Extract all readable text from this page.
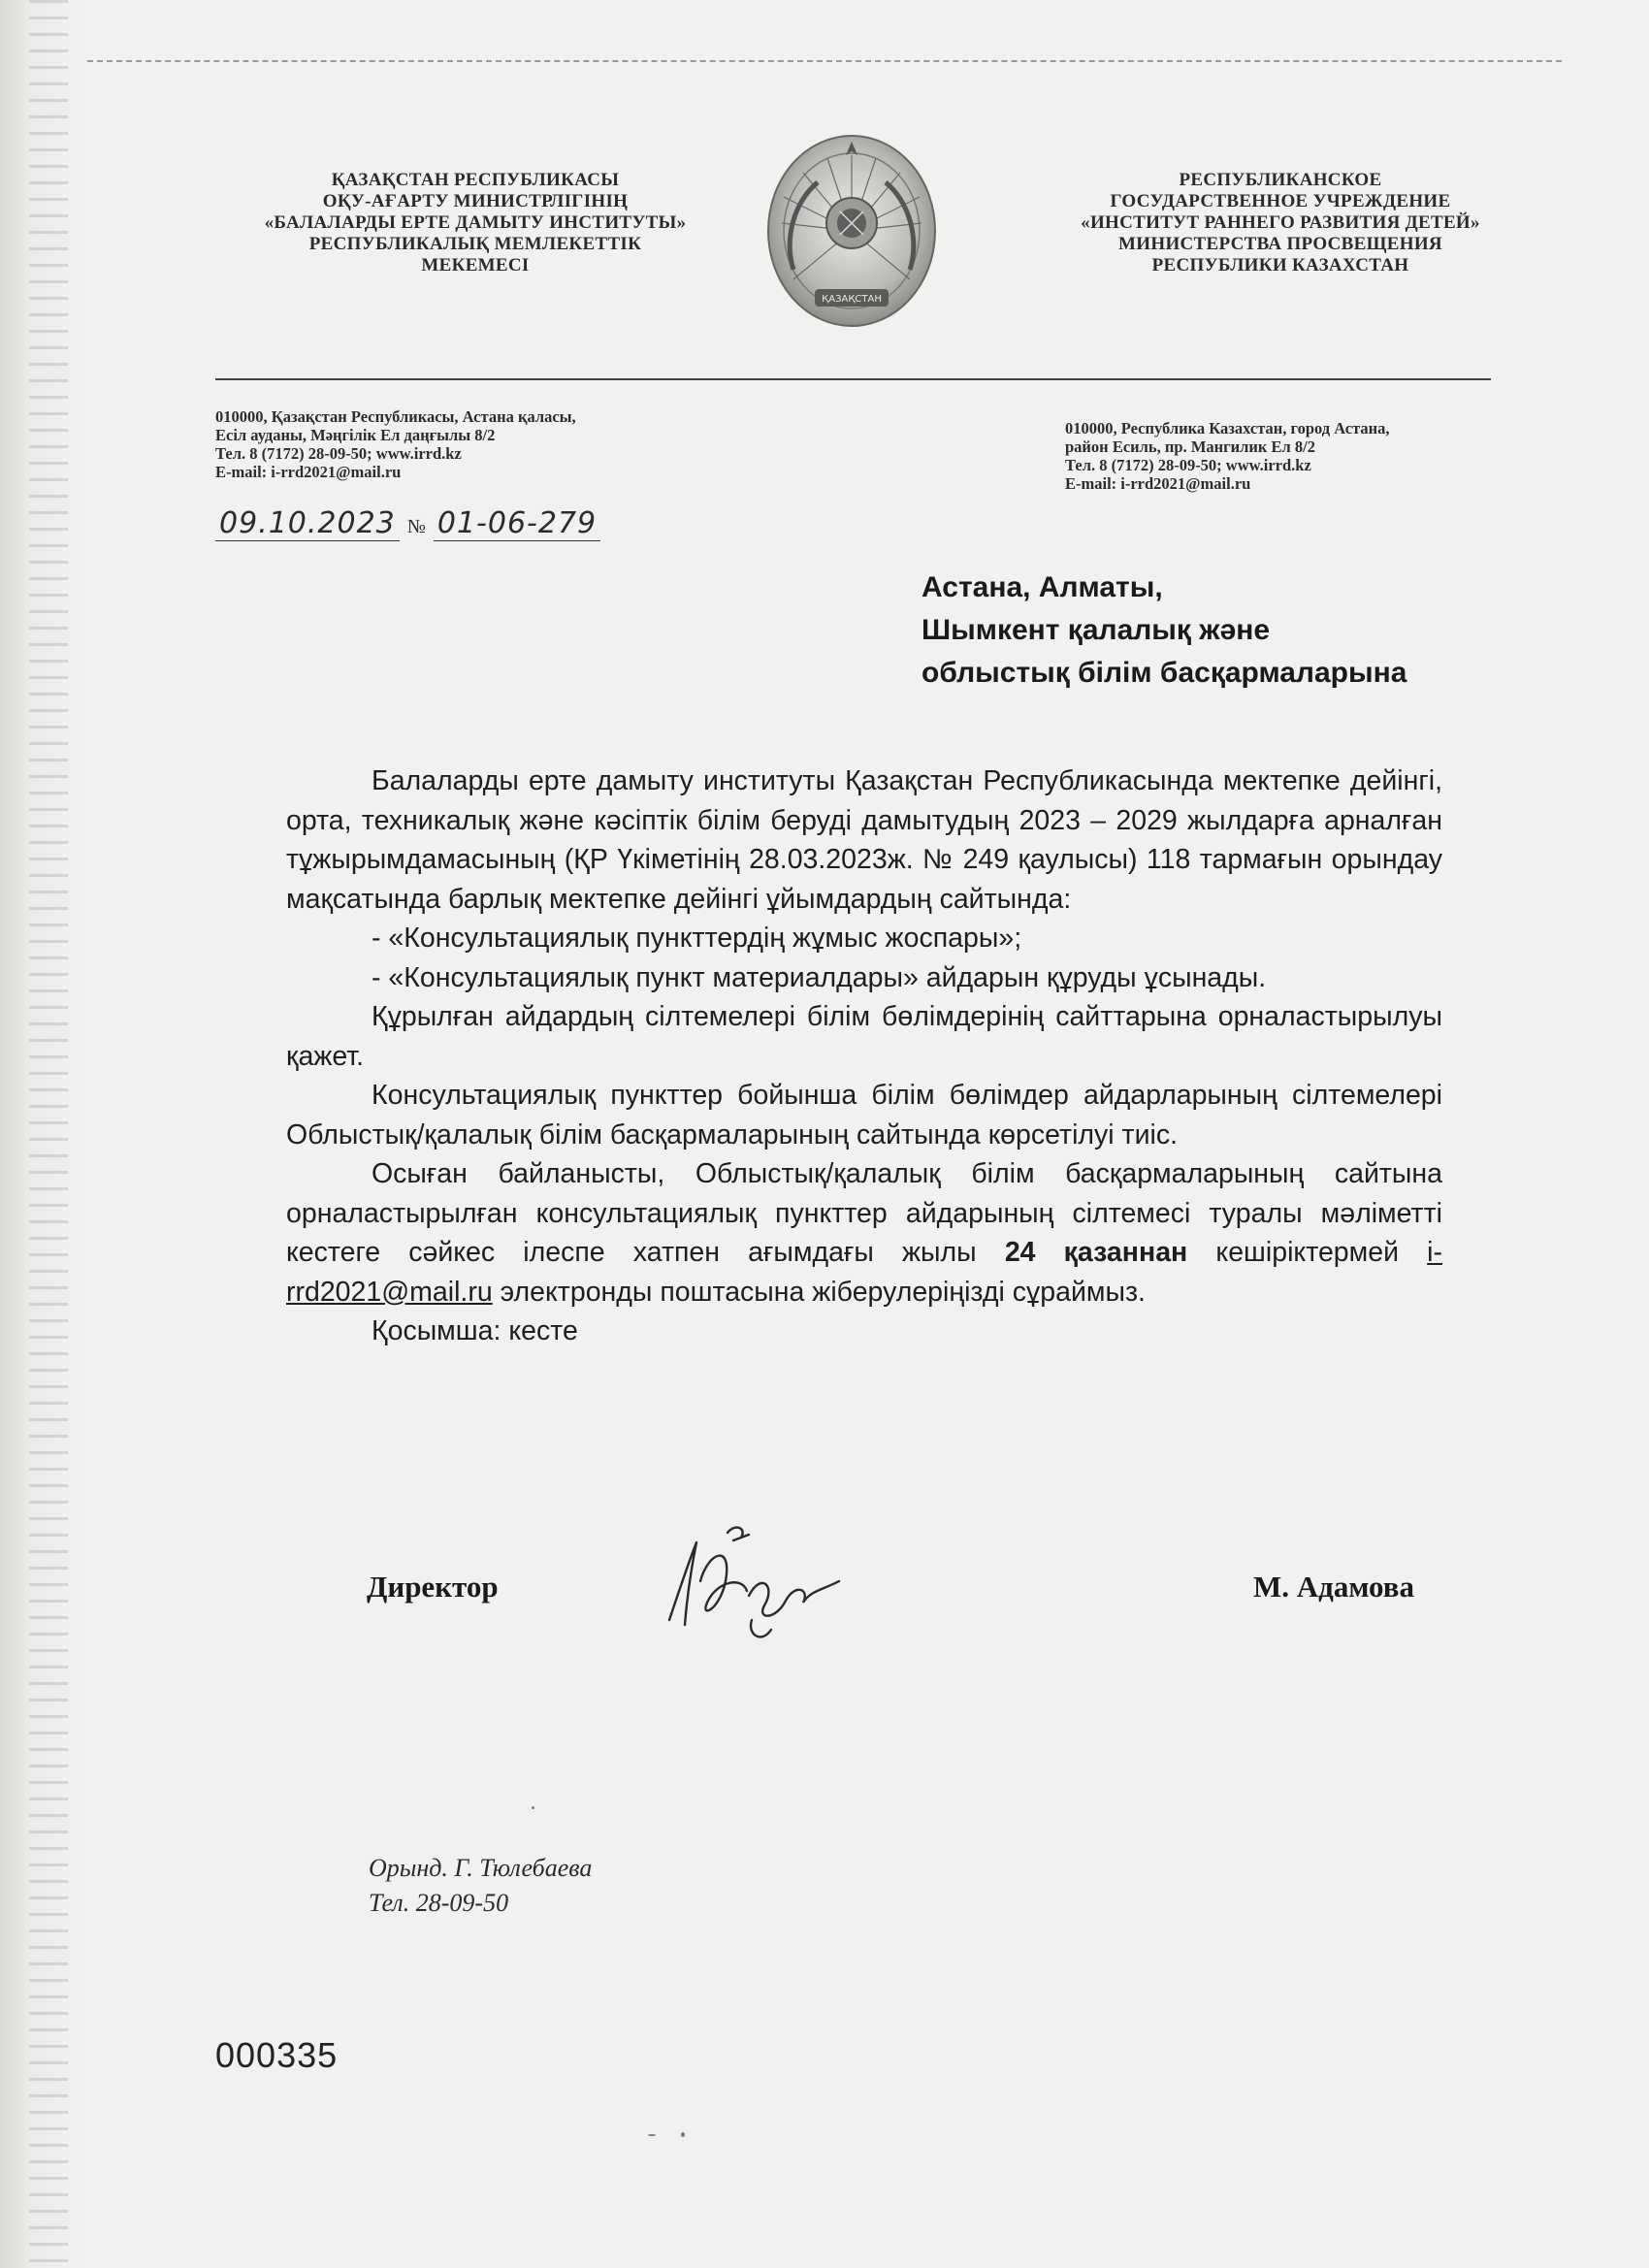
ҚАЗАҚСТАН РЕСПУБЛИКАСЫ
ОҚУ-АҒАРТУ МИНИСТРЛІГІНІҢ
«БАЛАЛАРДЫ ЕРТЕ ДАМЫТУ ИНСТИТУТЫ»
РЕСПУБЛИКАЛЫҚ МЕМЛЕКЕТТІК
МЕКЕМЕСІ
ҚАЗАҚСТАН
РЕСПУБЛИКАНСКОЕ
ГОСУДАРСТВЕННОЕ УЧРЕЖДЕНИЕ
«ИНСТИТУТ РАННЕГО РАЗВИТИЯ ДЕТЕЙ»
МИНИСТЕРСТВА ПРОСВЕЩЕНИЯ
РЕСПУБЛИКИ КАЗАХСТАН
010000, Қазақстан Республикасы, Астана қаласы,
Есіл ауданы, Мәңгілік Ел даңғылы 8/2
Тел. 8 (7172) 28-09-50; www.irrd.kz
E-mail: i-rrd2021@mail.ru
010000, Республика Казахстан, город Астана,
район Есиль, пр. Мангилик Ел 8/2
Тел. 8 (7172) 28-09-50; www.irrd.kz
E-mail: i-rrd2021@mail.ru
09.10.2023 № 01-06-279
Астана, Алматы,
Шымкент қалалық және
облыстық білім басқармаларына

Балаларды ерте дамыту институты Қазақстан Республикасында мектепке дейінгі, орта, техникалық және кәсіптік білім беруді дамытудың 2023 – 2029 жылдарға арналған тұжырымдамасының (ҚР Үкіметінің 28.03.2023ж. № 249 қаулысы) 118 тармағын орындау мақсатында барлық мектепке дейінгі ұйымдардың сайтында:

- «Консультациялық пункттердің жұмыс жоспары»;

- «Консультациялық пункт материалдары» айдарын құруды ұсынады.

Құрылған айдардың сілтемелері білім бөлімдерінің сайттарына орналастырылуы қажет.

Консультациялық пункттер бойынша білім бөлімдер айдарларының сілтемелері Облыстық/қалалық білім басқармаларының сайтында көрсетілуі тиіс.

Осыған байланысты, Облыстық/қалалық білім басқармаларының сайтына орналастырылған консультациялық пункттер айдарының сілтемесі туралы мәліметті кестеге сәйкес ілеспе хатпен ағымдағы жылы 24 қазаннан кешіріктермей i-rrd2021@mail.ru электронды поштасына жіберулеріңізді сұраймыз.

Қосымша: кесте

Директор	М. Адамова
Орынд. Г. Тюлебаева
Тел. 28-09-50
000335
